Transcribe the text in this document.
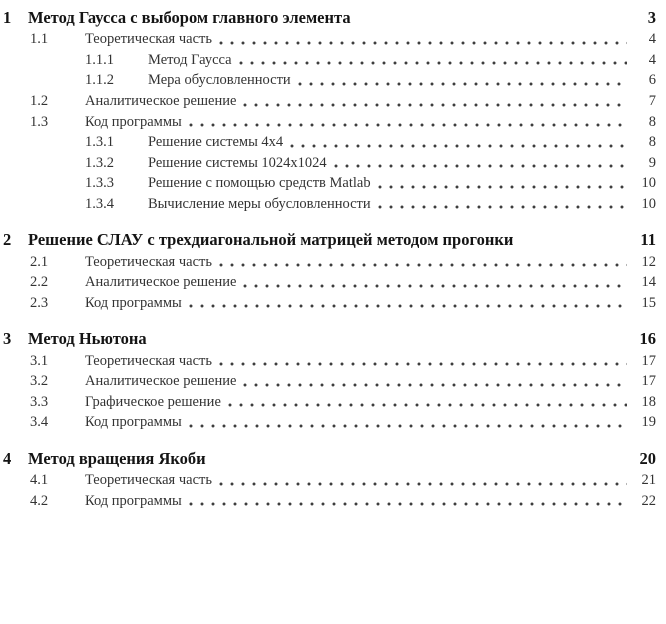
1	Метод Гаусса с выбором главного элемента	3
1.1	Теоретическая часть	4
1.1.1	Метод Гаусса	4
1.1.2	Мера обусловленности	6
1.2	Аналитическое решение	7
1.3	Код программы	8
1.3.1	Решение системы 4x4	8
1.3.2	Решение системы 1024x1024	9
1.3.3	Решение с помощью средств Matlab	10
1.3.4	Вычисление меры обусловленности	10
2	Решение СЛАУ с трехдиагональной матрицей методом прогонки	11
2.1	Теоретическая часть	12
2.2	Аналитическое решение	14
2.3	Код программы	15
3	Метод Ньютона	16
3.1	Теоретическая часть	17
3.2	Аналитическое решение	17
3.3	Графическое решение	18
3.4	Код программы	19
4	Метод вращения Якоби	20
4.1	Теоретическая часть	21
4.2	Код программы	22
